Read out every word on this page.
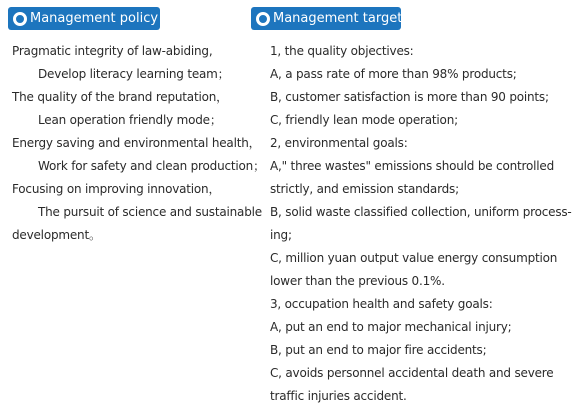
Management policy	Management target
Pragmatic integrity of law-abiding,
Develop literacy learning team；
The quality of the brand reputation，
Lean operation friendly mode；
Energy saving and environmental health，
Work for safety and clean production；
Focusing on improving innovation，
The pursuit of science and sustainable
development。
1, the quality objectives:
A, a pass rate of more than 98% products;
B, customer satisfaction is more than 90 points;
C, friendly lean mode operation;
2, environmental goals:
A," three wastes" emissions should be controlled
strictly, and emission standards;
B, solid waste classified collection, uniform process-
ing;
C, million yuan output value energy consumption
lower than the previous 0.1%.
3, occupation health and safety goals:
A, put an end to major mechanical injury;
B, put an end to major fire accidents;
C, avoids personnel accidental death and severe
traffic injuries accident.
